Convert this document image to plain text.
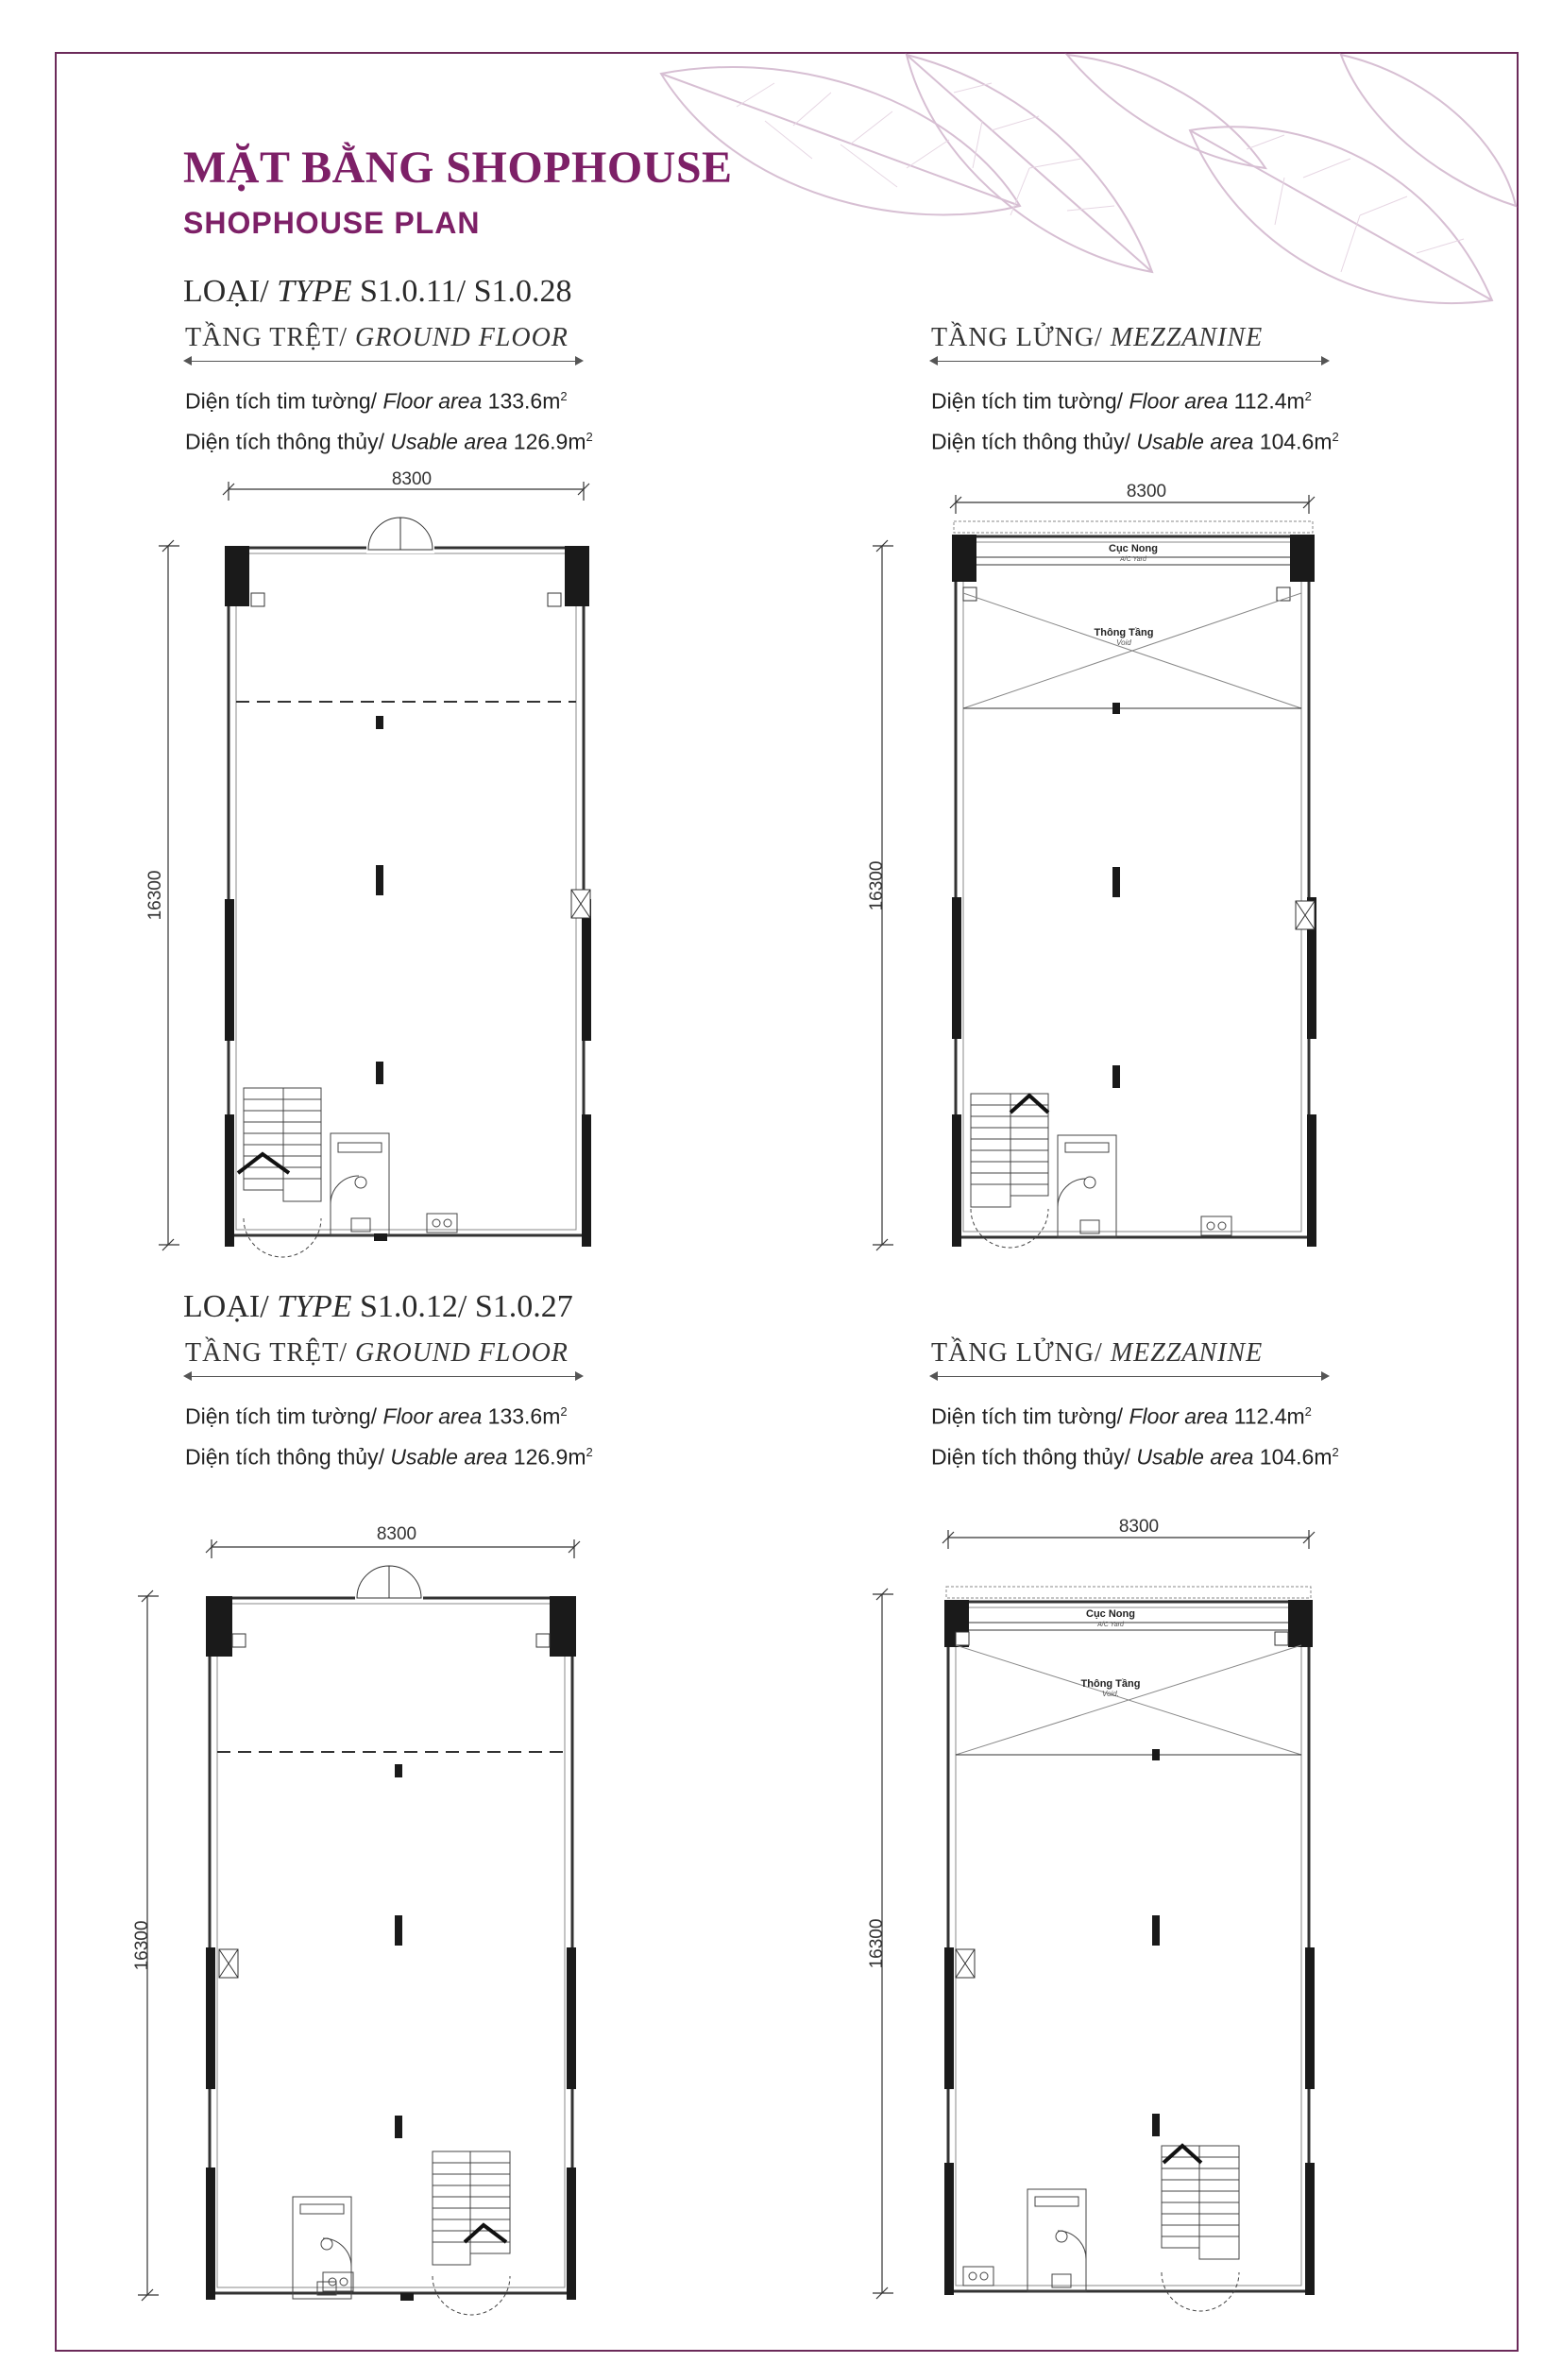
MẶT BẰNG SHOPHOUSE
SHOPHOUSE PLAN
LOẠI/ TYPE S1.0.11/ S1.0.28
TẦNG TRỆT/ GROUND FLOOR
Diện tích tim tường/ Floor area $133.6m^2$
Diện tích thông thủy/ Usable area $126.9m^2$
TẦNG LỬNG/ MEZZANINE
Diện tích tim tường/ Floor area $112.4m^2$
Diện tích thông thủy/ Usable area $104.6m^2$
LOẠI/ TYPE S1.0.12/ S1.0.27
TẦNG TRỆT/ GROUND FLOOR
Diện tích tim tường/ Floor area $133.6m^2$
Diện tích thông thủy/ Usable area $126.9m^2$
TẦNG LỬNG/ MEZZANINE
Diện tích tim tường/ Floor area $112.4m^2$
Diện tích thông thủy/ Usable area $104.6m^2$
8300
16300
8300
16300
Cục Nong
A/C Yard
Thông Tầng
Void
8300
16300
8300
16300
Cục Nong
A/C Yard
Thông Tầng
Void.
